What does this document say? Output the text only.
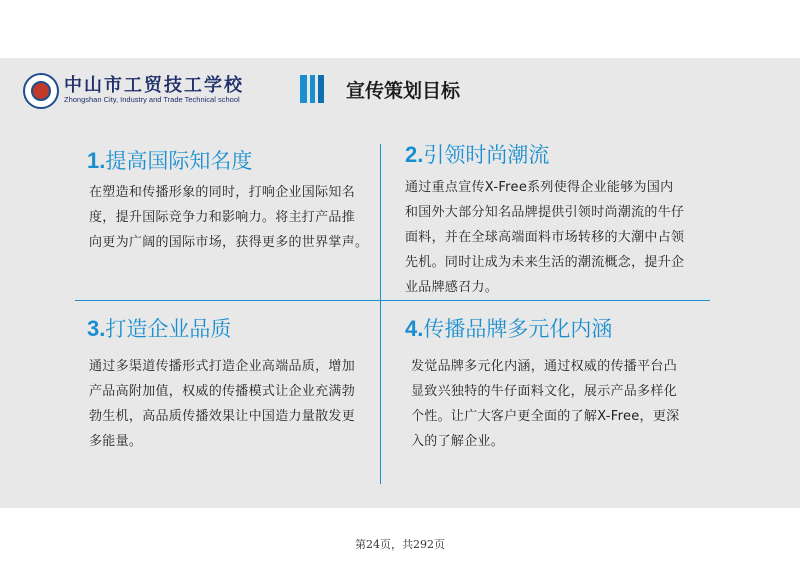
中山市工贸技工学校
Zhongshan City, Industry and Trade Technical school	宣传策划目标
1.提高国际知名度
在塑造和传播形象的同时，打响企业国际知名
度，提升国际竞争力和影响力。将主打产品推
向更为广阔的国际市场，获得更多的世界掌声。
2.引领时尚潮流
通过重点宣传X-Free系列使得企业能够为国内
和国外大部分知名品牌提供引领时尚潮流的牛仔
面料，并在全球高端面料市场转移的大潮中占领
先机。同时让成为未来生活的潮流概念，提升企
业品牌感召力。
3.打造企业品质
通过多渠道传播形式打造企业高端品质，增加
产品高附加值，权威的传播模式让企业充满勃
勃生机，高品质传播效果让中国造力量散发更
多能量。
4.传播品牌多元化内涵
发觉品牌多元化内涵，通过权威的传播平台凸
显致兴独特的牛仔面料文化，展示产品多样化
个性。让广大客户更全面的了解X-Free，更深
入的了解企业。
第24页，共292页
